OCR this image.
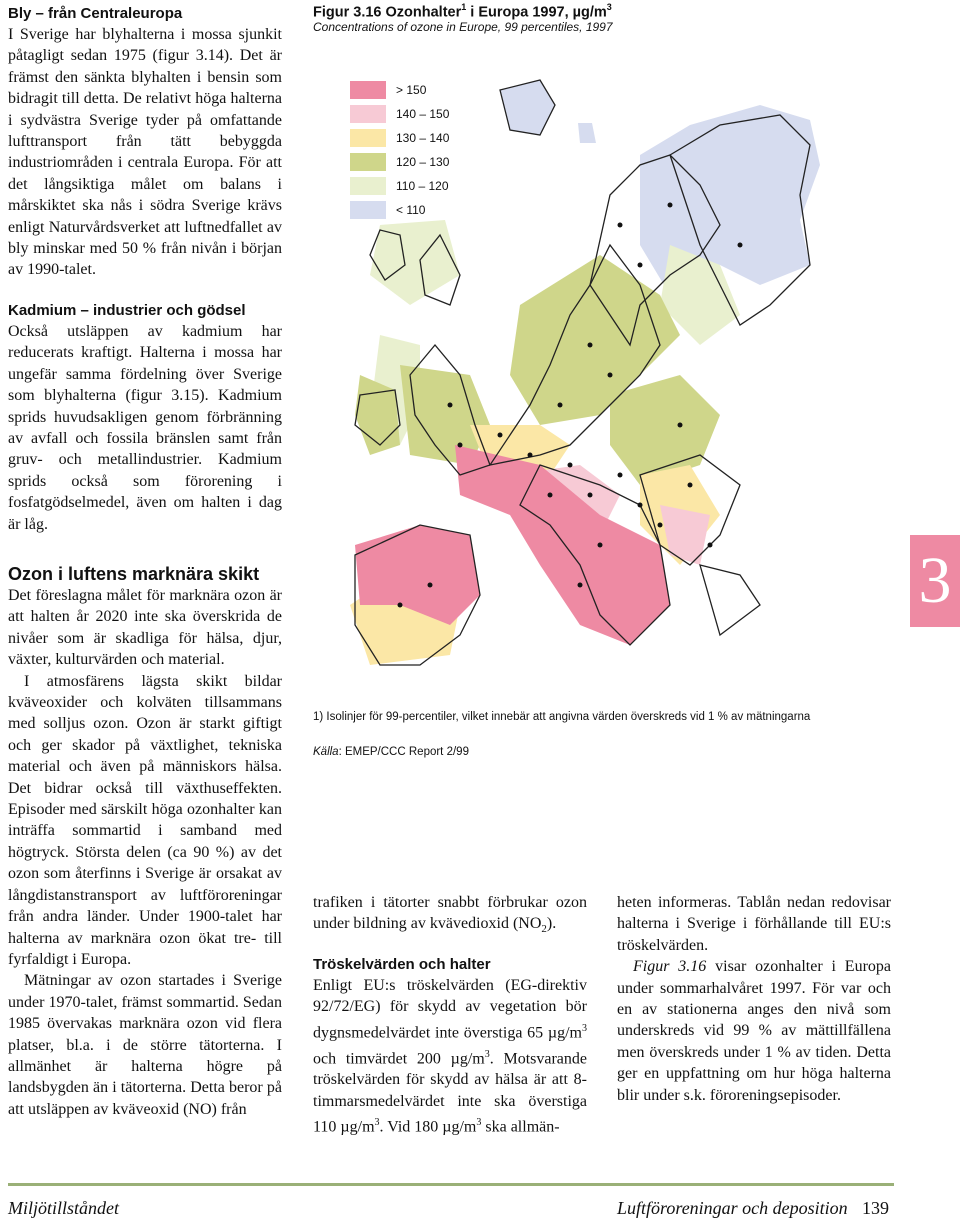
Bly – från Centraleuropa

I Sverige har blyhalterna i mossa sjunkit påtagligt sedan 1975 (figur 3.14). Det är främst den sänkta blyhalten i bensin som bidragit till detta. De relativt höga halterna i sydvästra Sverige tyder på omfattande lufttransport från tätt bebyggda industriområden i centrala Europa. För att det långsiktiga målet om balans i mårskiktet ska nås i södra Sverige krävs enligt Naturvårdsverket att luftnedfallet av bly minskar med 50 % från nivån i början av 1990-talet.

Kadmium – industrier och gödsel

Också utsläppen av kadmium har reducerats kraftigt. Halterna i mossa har ungefär samma fördelning över Sverige som blyhalterna (figur 3.15). Kadmium sprids huvudsakligen genom förbränning av avfall och fossila bränslen samt från gruv- och metallindustrier. Kadmium sprids också som förorening i fosfatgödselmedel, även om halten i dag är låg.

Ozon i luftens marknära skikt

Det föreslagna målet för marknära ozon är att halten år 2020 inte ska överskrida de nivåer som är skadliga för hälsa, djur, växter, kulturvärden och material.

I atmosfärens lägsta skikt bildar kväveoxider och kolväten tillsammans med solljus ozon. Ozon är starkt giftigt och ger skador på växtlighet, tekniska material och även på människors hälsa. Det bidrar också till växthuseffekten. Episoder med särskilt höga ozonhalter kan inträffa sommartid i samband med högtryck. Största delen (ca 90 %) av det ozon som återfinns i Sverige är orsakat av långdistanstransport av luftföroreningar från andra länder. Under 1900-talet har halterna av marknära ozon ökat tre- till fyrfaldigt i Europa.

Mätningar av ozon startades i Sverige under 1970-talet, främst sommartid. Sedan 1985 övervakas marknära ozon vid flera platser, bl.a. i de större tätorterna. I allmänhet är halterna högre på landsbygden än i tätorterna. Detta beror på att utsläppen av kväveoxid (NO) från

Figur 3.16 Ozonhalter$^1$ i Europa 1997, $\mu g/m^3$
Concentrations of ozone in Europe, 99 percentiles, 1997
> 150
140 – 150
130 – 140
120 – 130
110 – 120
< 110
3
1) Isolinjer för 99-percentiler, vilket innebär att angivna värden överskreds vid 1 % av mätningarna
Källa: EMEP/CCC Report 2/99

trafiken i tätorter snabbt förbrukar ozon under bildning av kvävedioxid $(NO_2)$.

Tröskelvärden och halter

Enligt EU:s tröskelvärden (EG-direktiv 92/72/EG) för skydd av vegetation bör dygnsmedelvärdet inte överstiga 65 $\mu g/m^3$ och timvärdet 200 $\mu g/m^3$. Motsvarande tröskelvärden för skydd av hälsa är att 8-timmarsmedelvärdet inte ska överstiga 110 $\mu g/m^3$. Vid 180 $\mu g/m^3$ ska allmän-

heten informeras. Tablån nedan redovisar halterna i Sverige i förhållande till EU:s tröskelvärden.

Figur 3.16 visar ozonhalter i Europa under sommarhalvåret 1997. För var och en av stationerna anges den nivå som underskreds vid 99 % av mättillfällena men överskreds under 1 % av tiden. Detta ger en uppfattning om hur höga halterna blir under s.k. föroreningsepisoder.

Miljötillståndet	Luftföroreningar och deposition 139
